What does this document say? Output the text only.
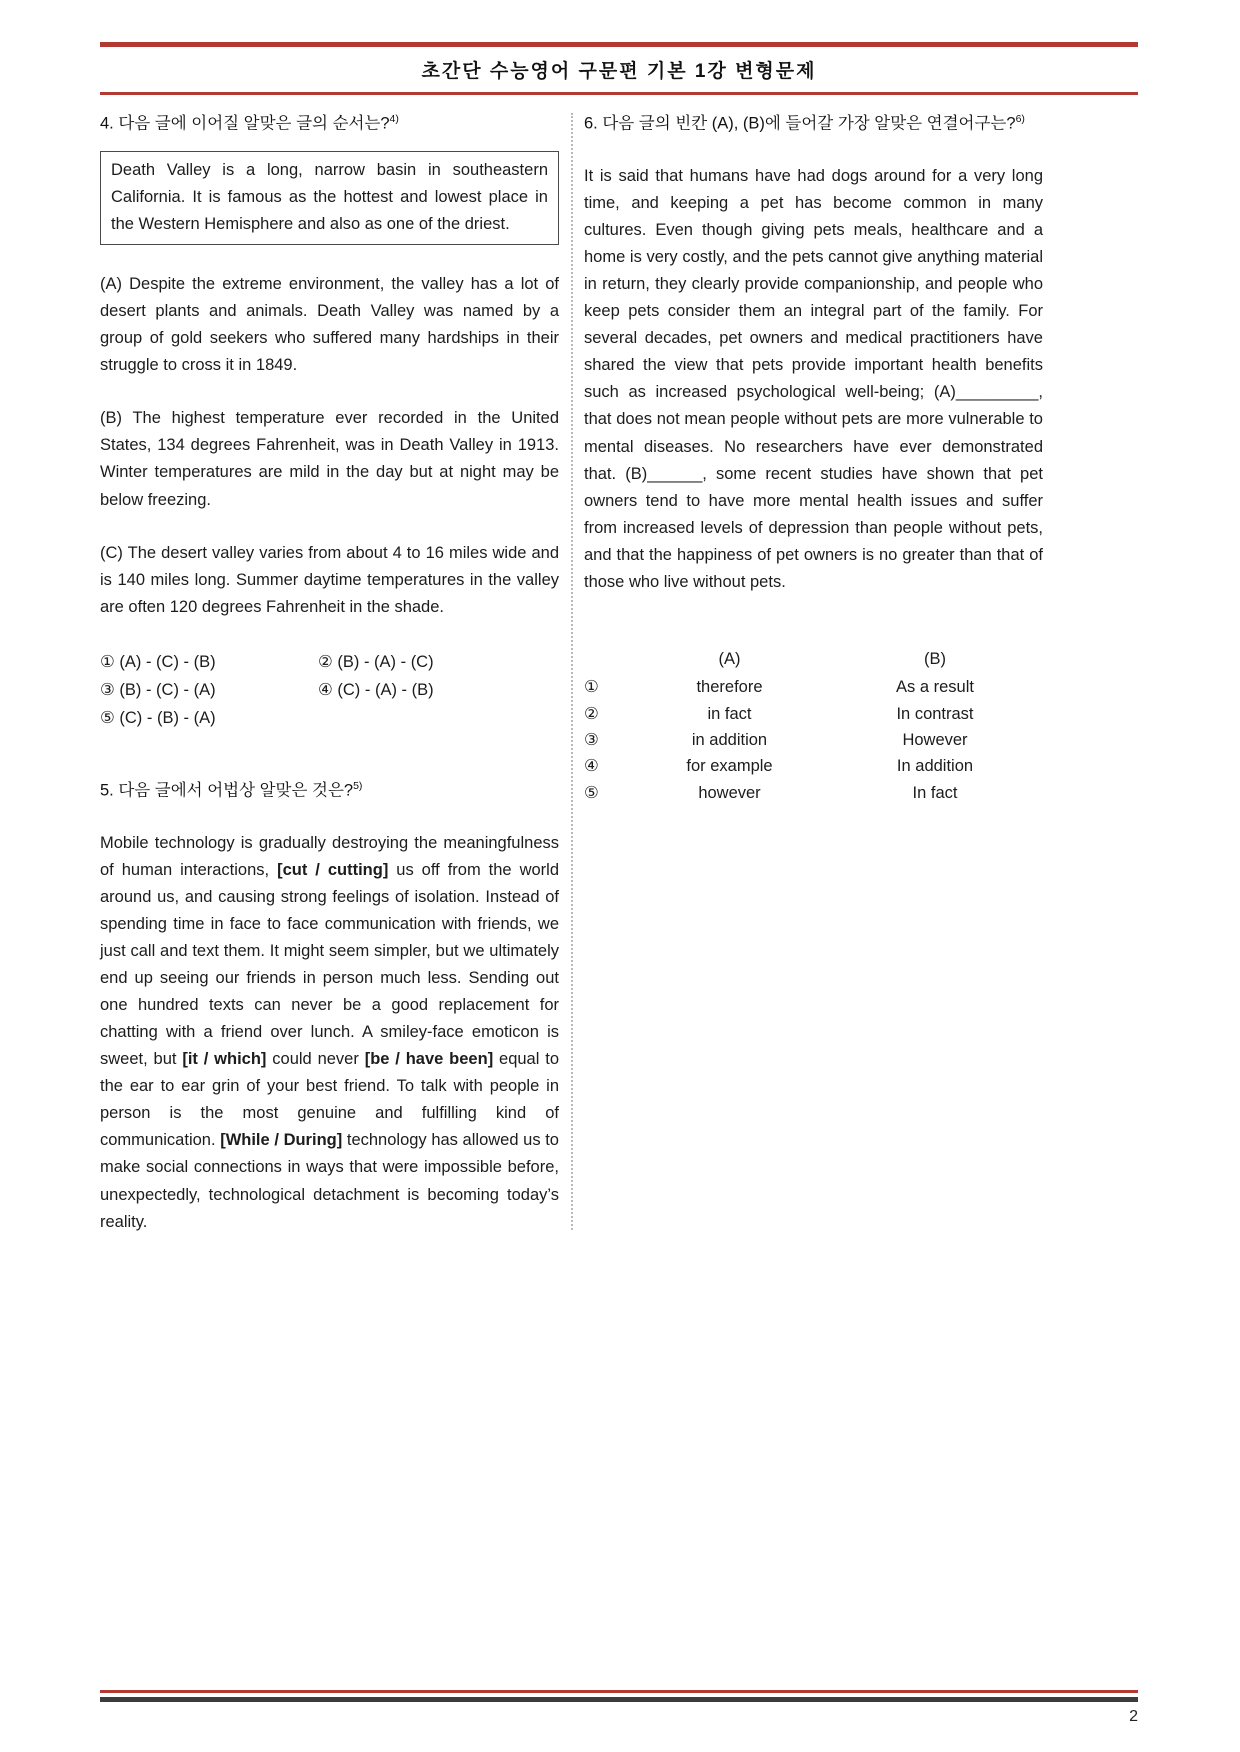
초간단 수능영어 구문편 기본 1강 변형문제
4. 다음 글에 이어질 알맞은 글의 순서는?$^{4)}$
Death Valley is a long, narrow basin in southeastern California. It is famous as the hottest and lowest place in the Western Hemisphere and also as one of the driest.
(A) Despite the extreme environment, the valley has a lot of desert plants and animals. Death Valley was named by a group of gold seekers who suffered many hardships in their struggle to cross it in 1849.
(B) The highest temperature ever recorded in the United States, 134 degrees Fahrenheit, was in Death Valley in 1913. Winter temperatures are mild in the day but at night may be below freezing.
(C) The desert valley varies from about 4 to 16 miles wide and is 140 miles long. Summer daytime temperatures in the valley are often 120 degrees Fahrenheit in the shade.
① (A) - (C) - (B)	② (B) - (A) - (C)
③ (B) - (C) - (A)	④ (C) - (A) - (B)
⑤ (C) - (B) - (A)
5. 다음 글에서 어법상 알맞은 것은?$^{5)}$
Mobile technology is gradually destroying the meaningfulness of human interactions, [cut / cutting] us off from the world around us, and causing strong feelings of isolation. Instead of spending time in face to face communication with friends, we just call and text them. It might seem simpler, but we ultimately end up seeing our friends in person much less. Sending out one hundred texts can never be a good replacement for chatting with a friend over lunch. A smiley-face emoticon is sweet, but [it / which] could never [be / have been] equal to the ear to ear grin of your best friend. To talk with people in person is the most genuine and fulfilling kind of communication. [While / During] technology has allowed us to make social connections in ways that were impossible before, unexpectedly, technological detachment is becoming today’s reality.
6. 다음 글의 빈칸 (A), (B)에 들어갈 가장 알맞은 연결어구는?$^{6)}$
It is said that humans have had dogs around for a very long time, and keeping a pet has become common in many cultures. Even though giving pets meals, healthcare and a home is very costly, and the pets cannot give anything material in return, they clearly provide companionship, and people who keep pets consider them an integral part of the family. For several decades, pet owners and medical practitioners have shared the view that pets provide important health benefits such as increased psychological well-being; (A)_________, that does not mean people without pets are more vulnerable to mental diseases. No researchers have ever demonstrated that. (B)______, some recent studies have shown that pet owners tend to have more mental health issues and suffer from increased levels of depression than people without pets, and that the happiness of pet owners is no greater than that of those who live without pets.
(A)	(B)
①	therefore	As a result
②	in fact	In contrast
③	in addition	However
④	for example	In addition
⑤	however	In fact
2
